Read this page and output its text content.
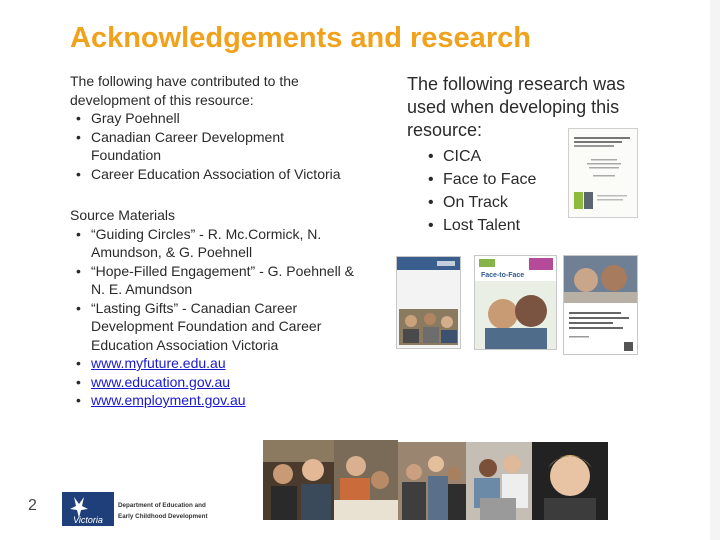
Acknowledgements and research

The following have contributed to the development of this resource:

• Gray Poehnell
• Canadian Career Development Foundation
• Career Education Association of Victoria

Source Materials

• “Guiding Circles” - R. Mc.Cormick, N. Amundson, & G. Poehnell
• “Hope-Filled Engagement” - G. Poehnell & N. E. Amundson
• “Lasting Gifts” - Canadian Career Development Foundation and Career Education Association Victoria
• www.myfuture.edu.au
• www.education.gov.au
• www.employment.gov.au

The following research was used when developing this resource:

• CICA
• Face to Face
• On Track
• Lost Talent
Face-to-Face
2
Victoria
Department of Education and
Early Childhood Development
